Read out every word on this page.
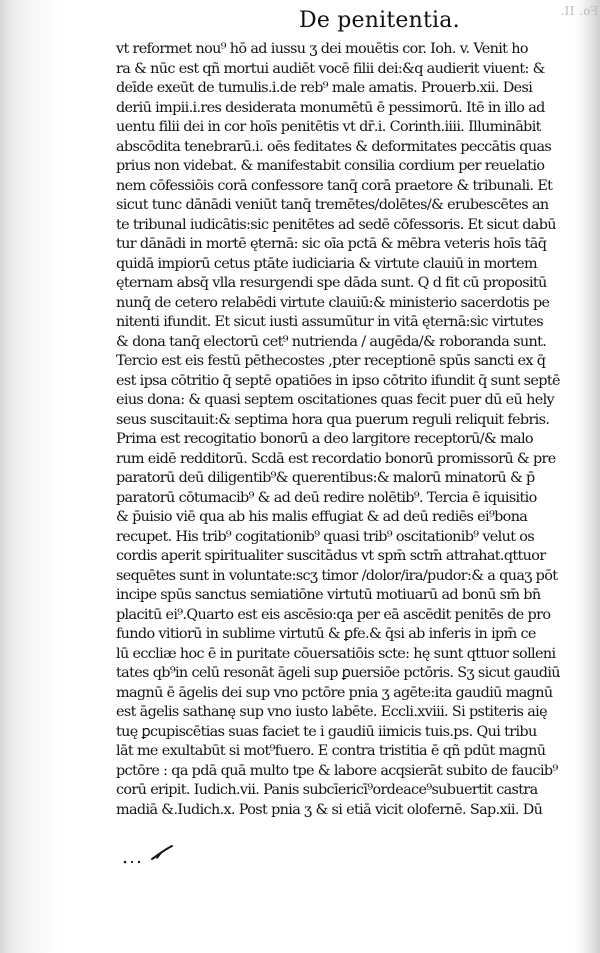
Fo. II.
De penitentia.
vt reformet nou⁹ hō ad iussu ʒ dei mouētis cor. Ioh. v. Venit ho
ra & nūc est qñ mortui audiēt vocē filii dei:&q audierit viuent: &
deīde exeūt de tumulis.i.de reb⁹ male amatis. Prouerb.xii. Desi
deriū impii.i.res desiderata monumētū ē pessimorū. Itē in illo ad
uentu filii dei in cor hoīs penitētis vt dr̄.i. Corinth.iiii. Illuminābit
abscōdita tenebrarū.i. oēs feditates & deformitates peccātis quas
prius non videbat. & manifestabit consilia cordium per reuelatio
nem cōfessiōis corā confessore tanq̄ corā praetore & tribunali. Et
sicut tunc dānādi veniūt tanq̄ tremētes/dolētes/& erubescētes an
te tribunal iudicātis:sic penitētes ad sedē cōfessoris. Et sicut dabū
tur dānādi in mortē ęternā: sic oīa pctā & mēbra veteris hoīs tāq̄
quidā impiorū cetus ptāte iudiciaria & virtute clauiū in mortem
ęternam absq̄ vlla resurgendi spe dāda sunt. Q d fit cū propositū
nunq̄ de cetero relabēdi virtute clauiū:& ministerio sacerdotis pe
nitenti ifundit. Et sicut iusti assumūtur in vitā ęternā:sic virtutes
& dona tanq̄ electorū cet⁹ nutrienda / augēda/& roboranda sunt.
Tercio est eis festū pēthecostes ,pter receptionē spūs sancti ex q̄
est ipsa cōtritio q̄ septē opatiōes in ipso cōtrito ifundit q̄ sunt septē
eius dona: & quasi septem oscitationes quas fecit puer dū eū hely
seus suscitauit:& septima hora qua puerum reguli reliquit febris.
Prima est recogitatio bonorū a deo largitore receptorū/& malo
rum eidē redditorū. Scdā est recordatio bonorū promissorū & pre
paratorū deū diligentib⁹& querentibus:& malorū minatorū & p̄
paratorū cōtumacib⁹ & ad deū redire nolētib⁹. Tercia ē iquisitio
& p̄uisio viē qua ab his malis effugiat & ad deū rediēs ei⁹bona
recupet. His trib⁹ cogitationib⁹ quasi trib⁹ oscitationib⁹ velut os
cordis aperit spiritualiter suscitādus vt spm̄ sctm̄ attrahat.qttuor
sequētes sunt in voluntate:scʒ timor /dolor/ira/pudor:& a quaʒ pōt
incipe spūs sanctus semiatiōne virtutū motiuarū ad bonū sm̄ bn̄
placitū ei⁹.Quarto est eis ascēsio:qa per eā ascēdit penitēs de pro
fundo vitiorū in sublime virtutū & ꝑfe.& q̄si ab inferis in ipm̄ ce
lū eccliæ hoc ē in puritate cōuersatiōis scte: hę sunt qttuor solleni
tates qb⁹in celū resonāt āgeli sup ꝑuersiōe pctōris. Sʒ sicut gaudiū
magnū ē āgelis dei sup vno pctōre pnia ʒ agēte:ita gaudiū magnū
est āgelis sathanę sup vno iusto labēte. Eccli.xviii. Si pstiteris aię
tuę ꝑcupiscētias suas faciet te i gaudiū iimicis tuis.ps. Qui tribu
lāt me exultabūt si mot⁹fuero. E contra tristitia ē qñ pdūt magnū
pctōre : qa pdā quā multo tpe & labore acqsierāt subito de faucib⁹
corū eripit. Iudich.vii. Panis subcīericī⁹ordeace⁹subuertit castra
madiā &.Iudich.x. Post pnia ʒ & si etiā vicit olofernē. Sap.xii. Dū
